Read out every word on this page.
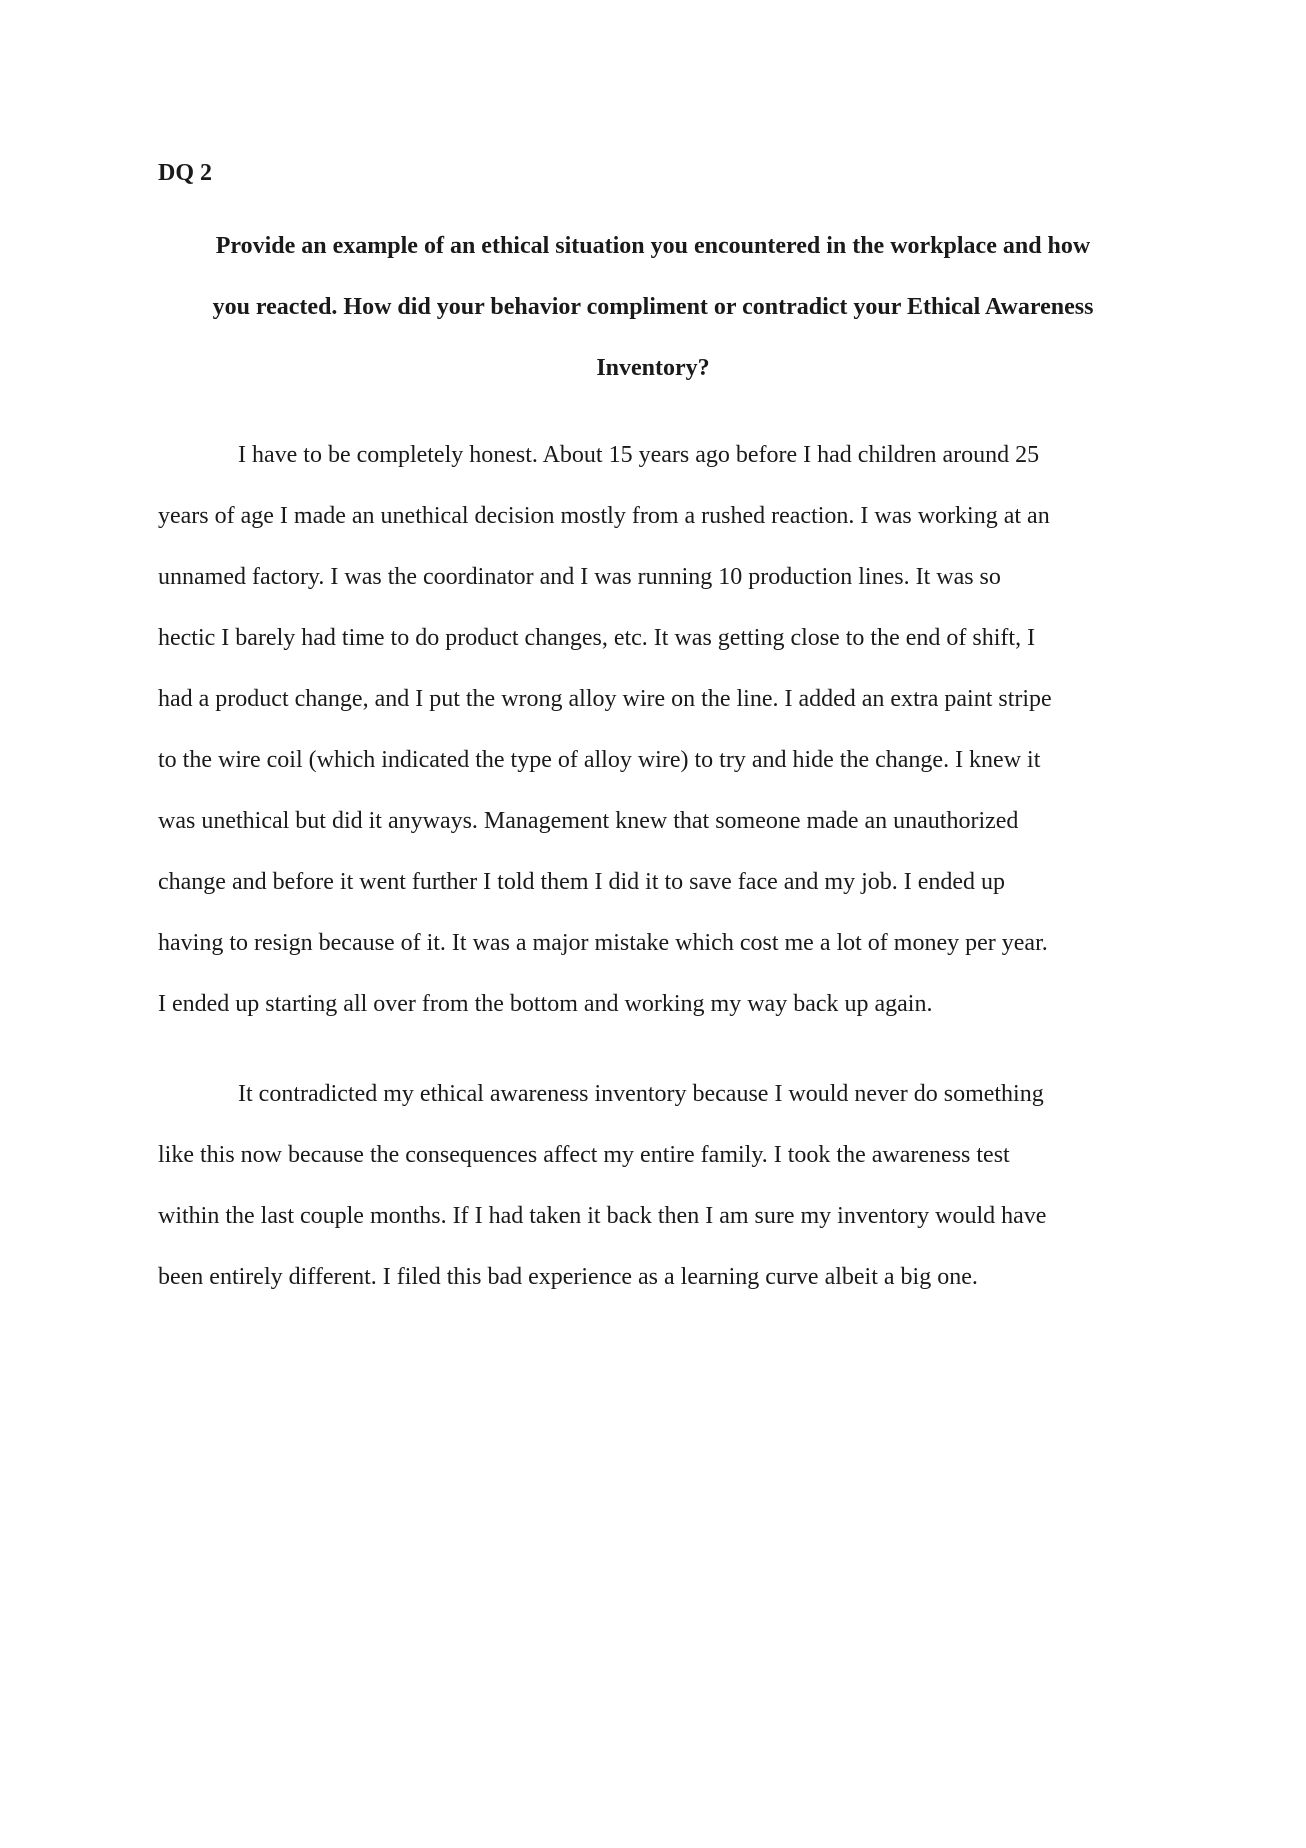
DQ 2
Provide an example of an ethical situation you encountered in the workplace and how
you reacted. How did your behavior compliment or contradict your Ethical Awareness
Inventory?
I have to be completely honest. About 15 years ago before I had children around 25
years of age I made an unethical decision mostly from a rushed reaction. I was working at an
unnamed factory. I was the coordinator and I was running 10 production lines. It was so
hectic I barely had time to do product changes, etc. It was getting close to the end of shift, I
had a product change, and I put the wrong alloy wire on the line. I added an extra paint stripe
to the wire coil (which indicated the type of alloy wire) to try and hide the change. I knew it
was unethical but did it anyways. Management knew that someone made an unauthorized
change and before it went further I told them I did it to save face and my job. I ended up
having to resign because of it. It was a major mistake which cost me a lot of money per year.
I ended up starting all over from the bottom and working my way back up again.
It contradicted my ethical awareness inventory because I would never do something
like this now because the consequences affect my entire family. I took the awareness test
within the last couple months. If I had taken it back then I am sure my inventory would have
been entirely different. I filed this bad experience as a learning curve albeit a big one.
